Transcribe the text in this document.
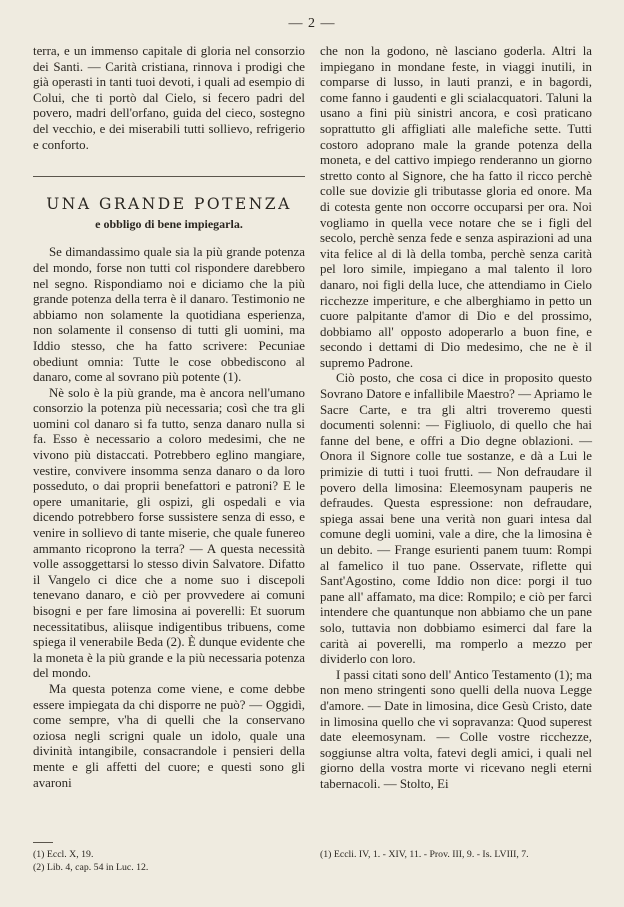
— 2 —

terra, e un immenso capitale di gloria nel consorzio dei Santi. — Carità cristiana, rinnova i prodigi che già operasti in tanti tuoi devoti, i quali ad esempio di Colui, che ti portò dal Cielo, si fecero padri del povero, madri dell'orfano, guida del cieco, sostegno del vecchio, e dei miserabili tutti sollievo, refrigerio e conforto.

UNA GRANDE POTENZA
e obbligo di bene impiegarla.

Se dimandassimo quale sia la più grande potenza del mondo, forse non tutti col rispondere darebbero nel segno. Rispondiamo noi e diciamo che la più grande potenza della terra è il danaro. Testimonio ne abbiamo non solamente la quotidiana esperienza, non solamente il consenso di tutti gli uomini, ma Iddio stesso, che ha fatto scrivere: Pecuniae obediunt omnia: Tutte le cose obbediscono al danaro, come al sovrano più potente (1).

Nè solo è la più grande, ma è ancora nell'umano consorzio la potenza più necessaria; così che tra gli uomini col danaro si fa tutto, senza danaro nulla si fa. Esso è necessario a coloro medesimi, che ne vivono più distaccati. Potrebbero eglino mangiare, vestire, convivere insomma senza danaro o da loro posseduto, o dai proprii benefattori e patroni? E le opere umanitarie, gli ospizi, gli ospedali e via dicendo potrebbero forse sussistere senza di esso, e venire in sollievo di tante miserie, che quale funereo ammanto ricoprono la terra? — A questa necessità volle assoggettarsi lo stesso divin Salvatore. Difatto il Vangelo ci dice che a nome suo i discepoli tenevano danaro, e ciò per provvedere ai comuni bisogni e per fare limosina ai poverelli: Et suorum necessitatibus, aliisque indigentibus tribuens, come spiega il venerabile Beda (2). È dunque evidente che la moneta è la più grande e la più necessaria potenza del mondo.

Ma questa potenza come viene, e come debbe essere impiegata da chi disporre ne può? — Oggidì, come sempre, v'ha di quelli che la conservano oziosa negli scrigni quale un idolo, quale una divinità intangibile, consacrandole i pensieri della mente e gli affetti del cuore; e questi sono gli avaroni

che non la godono, nè lasciano goderla. Altri la impiegano in mondane feste, in viaggi inutili, in comparse di lusso, in lauti pranzi, e in bagordi, come fanno i gaudenti e gli scialacquatori. Taluni la usano a fini più sinistri ancora, e così praticano soprattutto gli affigliati alle malefiche sette. Tutti costoro adoprano male la grande potenza della moneta, e del cattivo impiego renderanno un giorno stretto conto al Signore, che ha fatto il ricco perchè colle sue dovizie gli tributasse gloria ed onore. Ma di cotesta gente non occorre occuparsi per ora. Noi vogliamo in quella vece notare che se i figli del secolo, perchè senza fede e senza aspirazioni ad una vita felice al di là della tomba, perchè senza carità pel loro simile, impiegano a mal talento il loro danaro, noi figli della luce, che attendiamo in Cielo ricchezze imperiture, e che alberghiamo in petto un cuore palpitante d'amor di Dio e del prossimo, dobbiamo all' opposto adoperarlo a buon fine, e secondo i dettami di Dio medesimo, che ne è il supremo Padrone.

Ciò posto, che cosa ci dice in proposito questo Sovrano Datore e infallibile Maestro? — Apriamo le Sacre Carte, e tra gli altri troveremo questi documenti solenni: — Figliuolo, di quello che hai fanne del bene, e offri a Dio degne oblazioni. — Onora il Signore colle tue sostanze, e dà a Lui le primizie di tutti i tuoi frutti. — Non defraudare il povero della limosina: Eleemosynam pauperis ne defraudes. Questa espressione: non defraudare, spiega assai bene una verità non guari intesa dal comune degli uomini, vale a dire, che la limosina è un debito. — Frange esurienti panem tuum: Rompi al famelico il tuo pane. Osservate, riflette qui Sant'Agostino, come Iddio non dice: porgi il tuo pane all' affamato, ma dice: Rompilo; e ciò per farci intendere che quantunque non abbiamo che un pane solo, tuttavia non dobbiamo esimerci dal fare la carità ai poverelli, ma romperlo a mezzo per dividerlo con loro.

I passi citati sono dell' Antico Testamento (1); ma non meno stringenti sono quelli della nuova Legge d'amore. — Date in limosina, dice Gesù Cristo, date in limosina quello che vi sopravanza: Quod superest date eleemosynam. — Colle vostre ricchezze, soggiunse altra volta, fatevi degli amici, i quali nel giorno della vostra morte vi ricevano negli eterni tabernacoli. — Stolto, Ei

(1) Eccl. X, 19.
(2) Lib. 4, cap. 54 in Luc. 12.
(1) Eccli. IV, 1. - XIV, 11. - Prov. III, 9. - Is. LVIII, 7.
